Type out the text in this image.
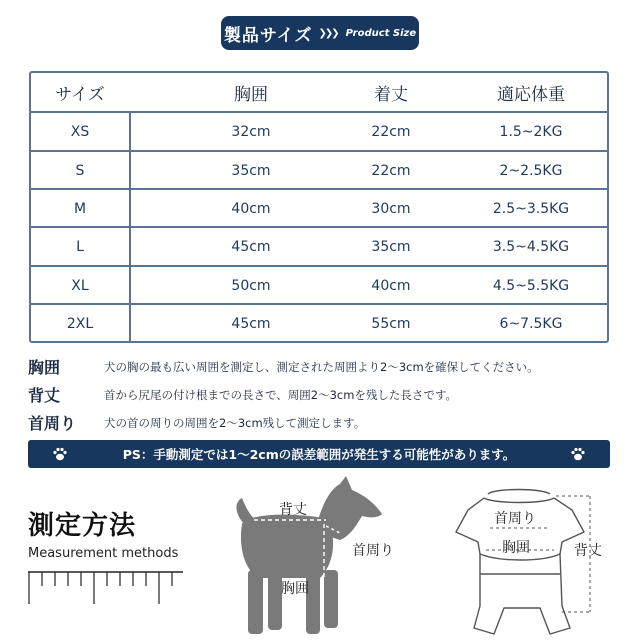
製品サイズ ❯❯❯ Product Size
サイズ	胸囲	着丈	適応体重
XS	32cm	22cm	1.5~2KG
S	35cm	22cm	2~2.5KG
M	40cm	30cm	2.5~3.5KG
L	45cm	35cm	3.5~4.5KG
XL	50cm	40cm	4.5~5.5KG
2XL	45cm	55cm	6~7.5KG
胸囲	犬の胸の最も広い周囲を測定し、測定された周囲より2～3cmを確保してください。
背丈	首から尻尾の付け根までの長さで、周囲2～3cmを残した長さです。
首周り 犬の首の周りの周囲を2～3cm残して測定します。
PS：手動測定では1～2cmの誤差範囲が発生する可能性があります。
測定方法
Measurement methods
背丈
首周り
胸囲
首周り
胸囲	背丈
